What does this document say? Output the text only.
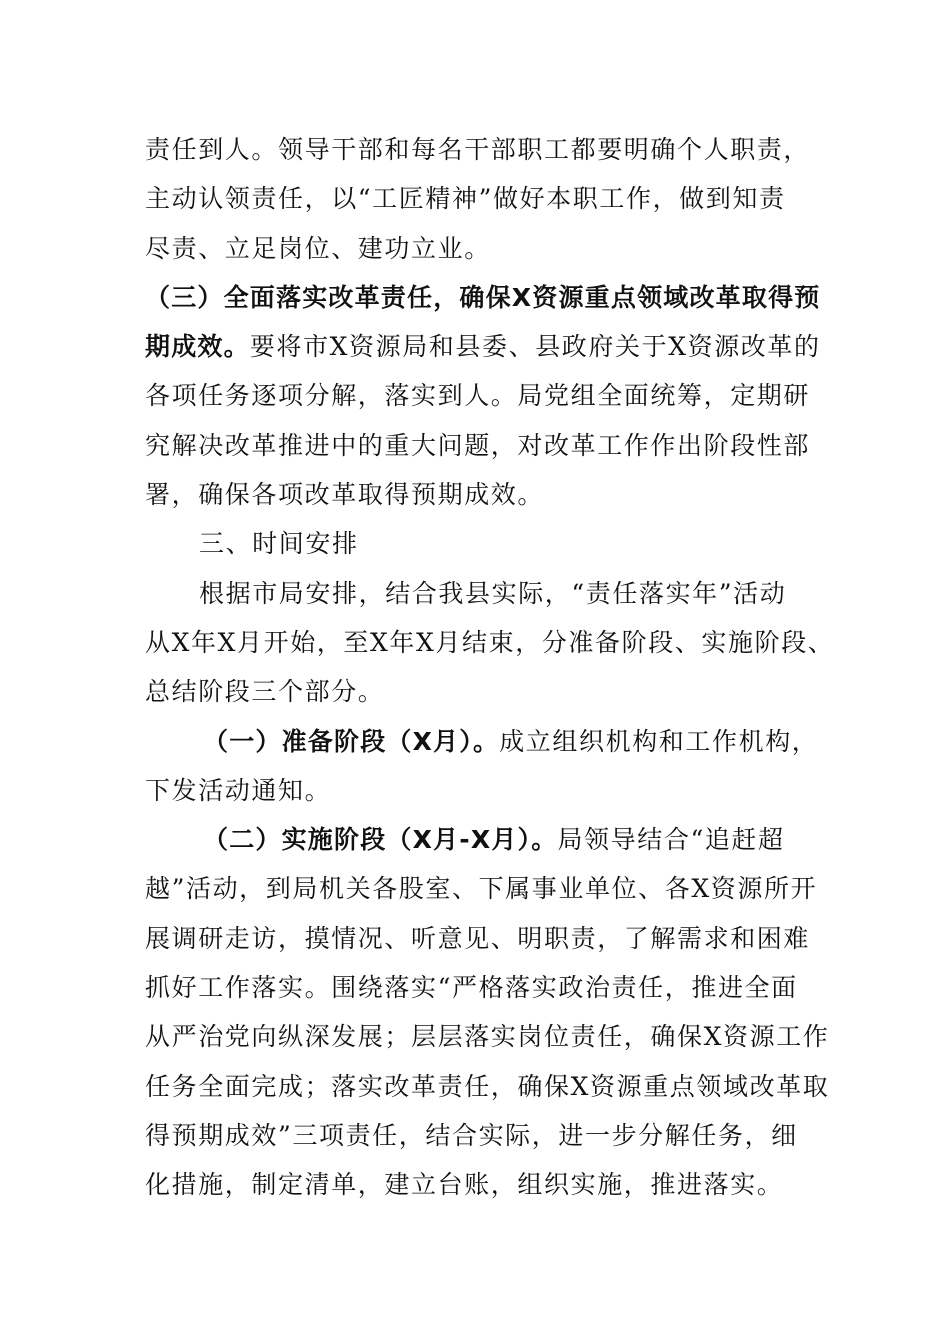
责任到人。领导干部和每名干部职工都要明确个人职责，
主动认领责任，以“工匠精神”做好本职工作，做到知责
尽责、立足岗位、建功立业。
（三）全面落实改革责任，确保X资源重点领域改革取得预
期成效。要将市X资源局和县委、县政府关于X资源改革的
各项任务逐项分解，落实到人。局党组全面统筹，定期研
究解决改革推进中的重大问题，对改革工作作出阶段性部
署，确保各项改革取得预期成效。
三、时间安排
根据市局安排，结合我县实际，“责任落实年”活动
从X年X月开始，至X年X月结束，分准备阶段、实施阶段、
总结阶段三个部分。
（一）准备阶段（X月）。成立组织机构和工作机构，
下发活动通知。
（二）实施阶段（X月-X月）。局领导结合“追赶超
越”活动，到局机关各股室、下属事业单位、各X资源所开
展调研走访，摸情况、听意见、明职责，了解需求和困难
抓好工作落实。围绕落实“严格落实政治责任，推进全面
从严治党向纵深发展；层层落实岗位责任，确保X资源工作
任务全面完成；落实改革责任，确保X资源重点领域改革取
得预期成效”三项责任，结合实际，进一步分解任务，细
化措施，制定清单，建立台账，组织实施，推进落实。
